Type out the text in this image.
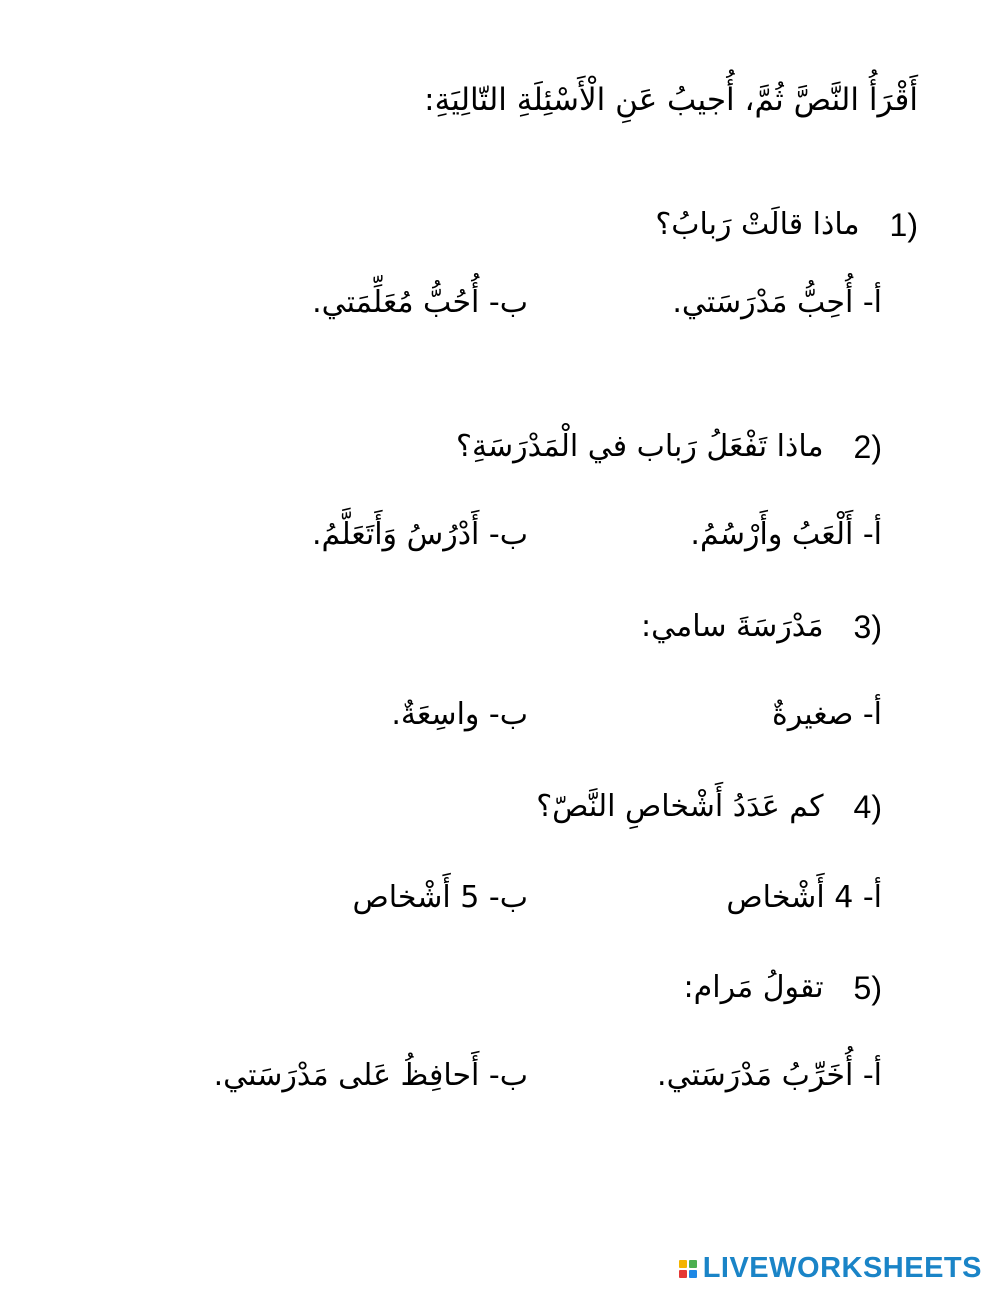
أَقْرَأُ النَّصَّ ثُمَّ، أُجيبُ عَنِ الْأَسْئِلَةِ التّالِيَةِ:
1)
ماذا قالَتْ رَبابُ؟
أ- أُحِبُّ مَدْرَسَتي.
ب- أُحُبُّ مُعَلِّمَتي.
2)
ماذا تَفْعَلُ رَباب في الْمَدْرَسَةِ؟
أ- أَلْعَبُ وأَرْسُمُ.
ب- أَدْرُسُ وَأَتَعَلَّمُ.
3)
مَدْرَسَةَ سامي:
أ- صغيرةٌ
ب- واسِعَةٌ.
4)
كم عَدَدُ أَشْخاصِ النَّصّ؟
أ- 4 أَشْخاص
ب- 5 أَشْخاص
5)
تقولُ مَرام:
أ- أُخَرِّبُ مَدْرَسَتي.
ب- أَحافِظُ عَلى مَدْرَسَتي.
LIVEWORKSHEETS
